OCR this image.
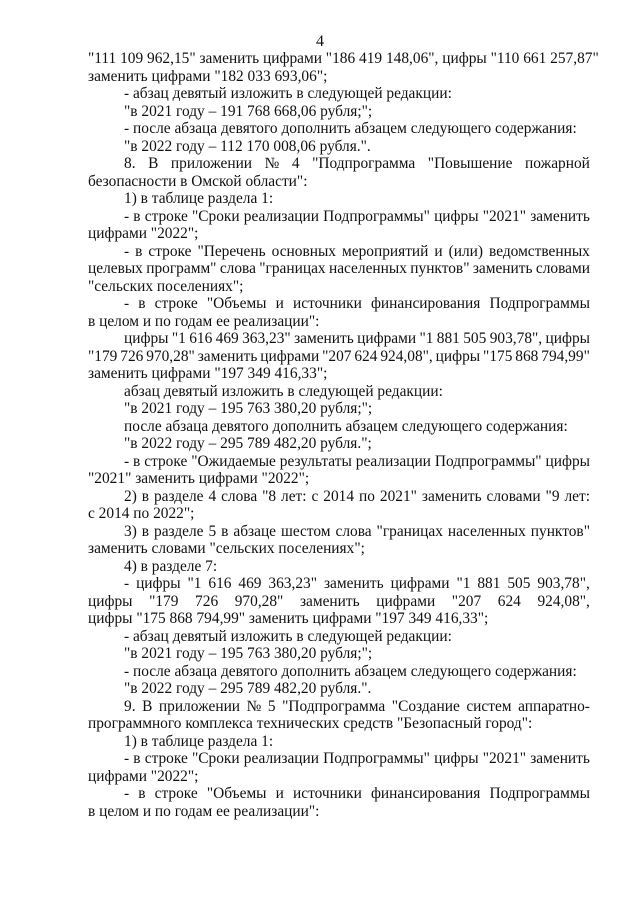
4
"111 109 962,15" заменить цифрами "186 419 148,06", цифры "110 661 257,87"
заменить цифрами "182 033 693,06";
- абзац девятый изложить в следующей редакции:
"в 2021 году – 191 768 668,06 рубля;";
- после абзаца девятого дополнить абзацем следующего содержания:
"в 2022 году – 112 170 008,06 рубля.".
8. В приложении № 4 "Подпрограмма "Повышение пожарной
безопасности в Омской области":
1) в таблице раздела 1:
- в строке "Сроки реализации Подпрограммы" цифры "2021" заменить
цифрами "2022";
- в строке "Перечень основных мероприятий и (или) ведомственных
целевых программ" слова "границах населенных пунктов" заменить словами
"сельских поселениях";
- в строке "Объемы и источники финансирования Подпрограммы
в целом и по годам ее реализации":
цифры "1 616 469 363,23" заменить цифрами "1 881 505 903,78", цифры
"179 726 970,28" заменить цифрами "207 624 924,08", цифры "175 868 794,99"
заменить цифрами "197 349 416,33";
абзац девятый изложить в следующей редакции:
"в 2021 году – 195 763 380,20 рубля;";
после абзаца девятого дополнить абзацем следующего содержания:
"в 2022 году – 295 789 482,20 рубля.";
- в строке "Ожидаемые результаты реализации Подпрограммы" цифры
"2021" заменить цифрами "2022";
2) в разделе 4 слова "8 лет: с 2014 по 2021" заменить словами "9 лет:
с 2014 по 2022";
3) в разделе 5 в абзаце шестом слова "границах населенных пунктов"
заменить словами "сельских поселениях";
4) в разделе 7:
- цифры "1 616 469 363,23" заменить цифрами "1 881 505 903,78",
цифры "179 726 970,28" заменить цифрами "207 624 924,08",
цифры "175 868 794,99" заменить цифрами "197 349 416,33";
- абзац девятый изложить в следующей редакции:
"в 2021 году – 195 763 380,20 рубля;";
- после абзаца девятого дополнить абзацем следующего содержания:
"в 2022 году – 295 789 482,20 рубля.".
9. В приложении № 5 "Подпрограмма "Создание систем аппаратно-
программного комплекса технических средств "Безопасный город":
1) в таблице раздела 1:
- в строке "Сроки реализации Подпрограммы" цифры "2021" заменить
цифрами "2022";
- в строке "Объемы и источники финансирования Подпрограммы
в целом и по годам ее реализации":
